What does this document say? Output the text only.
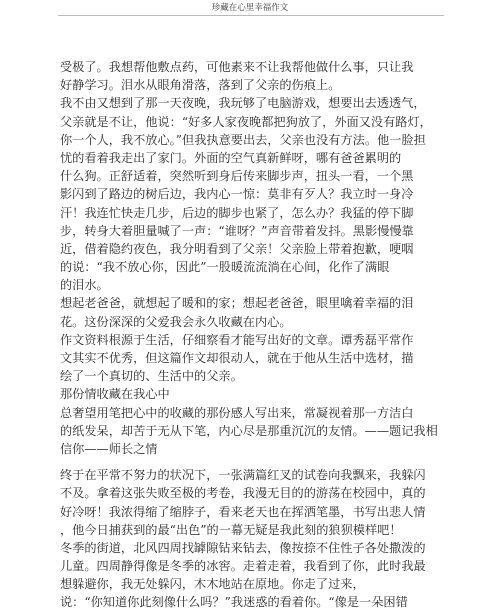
珍藏在心里幸福作文
受极了。我想帮他敷点药，可他素来不让我帮他做什么事，只让我
好静学习。泪水从眼角滑落，落到了父亲的伤痕上。
我不由又想到了那一天夜晚，我玩够了电脑游戏，想要出去透透气，
父亲就是不让，他说：“好多人家夜晚都把狗放了，外面又没有路灯，
你一个人，我不放心。”但我执意要出去，父亲也没有方法。他一脸担
忧的看着我走出了家门。外面的空气真新鲜呀，哪有爸爸累明的
什么狗。正舒适着，突然听到身后传来脚步声，扭头一看，一个黑
影闪到了路边的树后边，我内心一惊：莫非有歹人？我立时一身冷
汗！我连忙快走几步，后边的脚步也紧了，怎么办？我猛的停下脚
步，转身大着胆量喊了一声：“谁呀？”声音带着发抖。黑影慢慢靠
近，借着隐约夜色，我分明看到了父亲！父亲脸上带着抱歉，哽咽
的说：“我不放心你，因此”一股暖流流淌在心间，化作了满眼
的泪水。
想起老爸爸，就想起了暖和的家；想起老爸爸，眼里噙着幸福的泪
花。这份深深的父爱我会永久收藏在内心。
作文资料根源于生活，仔细察看才能写出好的文章。谭秀磊平常作
文其实不优秀，但这篇作文却很动人，就在于他从生活中选材，描
绘了一个真切的、生活中的父亲。
那份情收藏在我心中
总奢望用笔把心中的收藏的那份感人写出来，常凝视着那一方洁白
的纸发呆，却苦于无从下笔，内心尽是那重沉沉的友情。——题记我相
信你——师长之情
终于在平常不努力的状况下，一张满篇红叉的试卷向我飘来，我躲闪
不及。拿着这张失败至极的考卷，我漫无目的的游荡在校园中，真的
好冷呀！我浓得缩了缩脖子，看来老天也在挥洒笔墨，书写出悲人情
，他今日捕获到的最“出色”的一幕无疑是我此刻的狼狈模样吧！
冬季的街道，北风四周找罅隙钻来钻去，像按捺不住性子各处撒泼的
儿童。四周静得像是冬季的冰窖。走着走着，我看到了你，此时我最
想躲避你，我无处躲闪，木木地站在原地。你走了过来，
说：“你知道你此刻像什么吗？”我迷惑的看着你。“像是一朵困错
